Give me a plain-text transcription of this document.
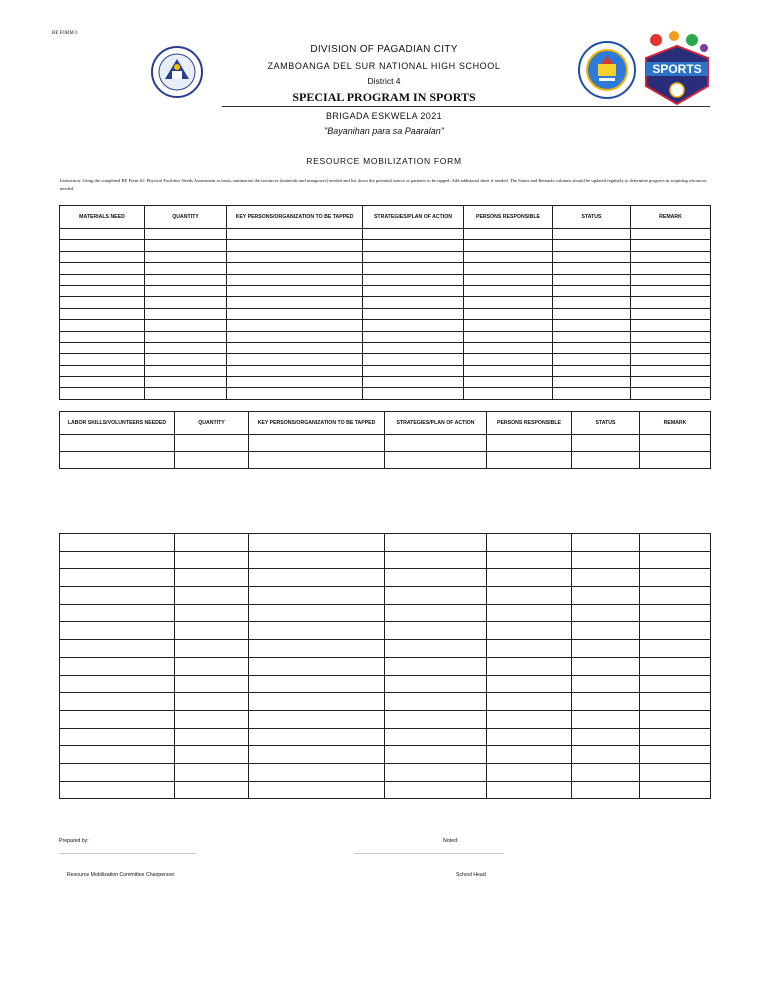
BE FORM 3
SPORTS
DIVISION OF PAGADIAN CITY
ZAMBOANGA DEL SUR NATIONAL HIGH SCHOOL
District 4
SPECIAL PROGRAM IN SPORTS
BRIGADA ESKWELA 2021
"Bayanihan para sa Paaralan"
RESOURCE MOBILIZATION FORM
Instruction: Using the completed BE Form #1: Physical Facilities Needs Assessment as basis, summarize the resources (materials and manpower) needed and list down the potential source or partners to be tapped. Add additional sheet if needed. The Status and Remarks columns should be updated regularly to determine progress in acquiring resources needed.
MATERIALS NEED	QUANTITY	KEY PERSONS/ORGANIZATION TO BE TAPPED	STRATEGIES/PLAN OF ACTION	PERSONS RESPONSIBLE	STATUS	REMARK

LABOR SKILLS/VOLUNTEERS NEEDED	QUANTITY	KEY PERSONS/ORGANIZATION TO BE TAPPED	STRATEGIES/PLAN OF ACTION	PERSONS RESPONSIBLE	STATUS	REMARK

Prepared by:
Resource Mobilization Committee Chairperson
Noted:
School Head
